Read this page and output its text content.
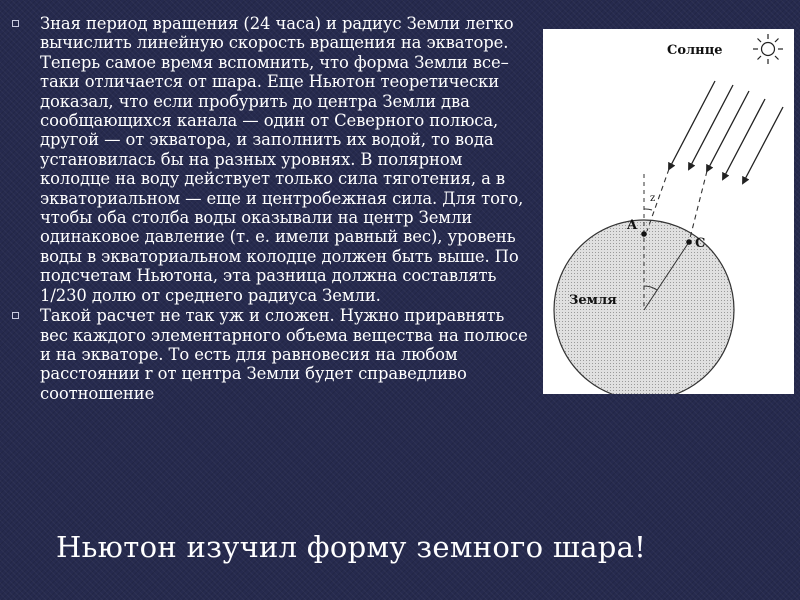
Зная период вращения (24 часа) и радиус Земли легко вычислить линейную скорость вращения на экваторе. Теперь самое время вспомнить, что форма Земли все–таки отличается от шара. Еще Ньютон теоретически доказал, что если пробурить до центра Земли два сообщающихся канала — один от Северного полюса, другой — от экватора, и заполнить их водой, то вода установилась бы на разных уровнях. В полярном колодце на воду действует только сила тяготения, а в экваториальном — еще и центробежная сила. Для того, чтобы оба столба воды оказывали на центр Земли одинаковое давление (т. е. имели равный вес), уровень воды в экваториальном колодце должен быть выше. По подсчетам Ньютона, эта разница должна составлять 1/230 долю от среднего радиуса Земли.

Такой расчет не так уж и сложен. Нужно приравнять вес каждого элементарного объема вещества на полюсе и на экваторе. То есть для равновесия на любом расстоянии r от центра Земли будет справедливо соотношение

Солнце
z
A
C
Земля
Ньютон изучил форму земного шара!
